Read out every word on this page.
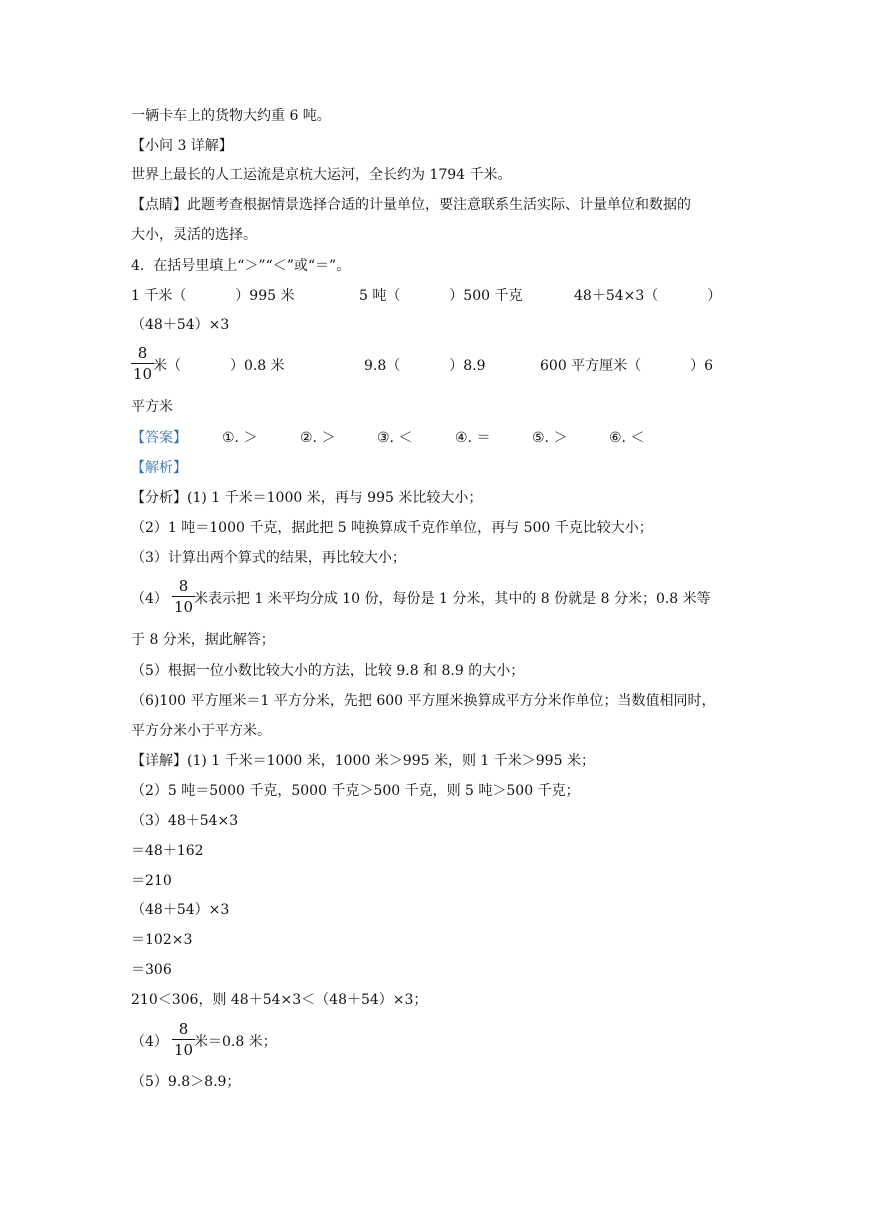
一辆卡车上的货物大约重 6 吨。
【小问 3 详解】
世界上最长的人工运流是京杭大运河，全长约为 1794 千米。
【点睛】此题考查根据情景选择合适的计量单位，要注意联系生活实际、计量单位和数据的
大小，灵活的选择。
4.  在括号里填上“＞”“＜”或“＝”。
1 千米（           ）995 米	5 吨（           ）500 千克	48＋54×3（           ）
（48＋54）×3
8
10 米（           ）0.8 米	9.8（           ）8.9	600 平方厘米（           ）6
平方米
【答案】	①. ＞	②. ＞	③. ＜	④. ＝	⑤. ＞	⑥. ＜
【解析】
【分析】(1) 1 千米＝1000 米，再与 995 米比较大小；
（2）1 吨＝1000 千克，据此把 5 吨换算成千克作单位，再与 500 千克比较大小；
（3）计算出两个算式的结果，再比较大小；
（4）
8
10 米表示把 1 米平均分成 10 份，每份是 1 分米，其中的 8 份就是 8 分米；0.8 米等
于 8 分米，据此解答；
（5）根据一位小数比较大小的方法，比较 9.8 和 8.9 的大小；
（6)100 平方厘米＝1 平方分米，先把 600 平方厘米换算成平方分米作单位；当数值相同时，
平方分米小于平方米。
【详解】(1) 1 千米＝1000 米，1000 米＞995 米，则 1 千米＞995 米；
（2）5 吨＝5000 千克，5000 千克＞500 千克，则 5 吨＞500 千克；
（3）48＋54×3
＝48＋162
＝210
（48＋54）×3
＝102×3
＝306
210＜306，则 48＋54×3＜（48＋54）×3；
（4）
8
10 米＝0.8 米；
（5）9.8＞8.9；
